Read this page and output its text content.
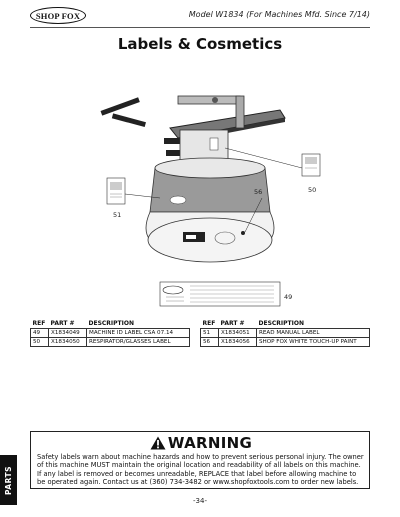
SHOP FOX	Model W1834 (For Machines Mfd. Since 7/14)
Labels & Cosmetics
56	50
51
49
REF	PART #	DESCRIPTION
49	X1834049	MACHINE ID LABEL CSA 07.14
50	X1834050	RESPIRATOR/GLASSES LABEL
REF	PART #	DESCRIPTION
51	X1834051	READ MANUAL LABEL
56	X1834056	SHOP FOX WHITE TOUCH-UP PAINT
WARNING
Safety labels warn about machine hazards and how to prevent serious personal injury. The owner of this machine MUST maintain the original location and readability of all labels on this machine. If any label is removed or becomes unreadable, REPLACE that label before allowing machine to be operated again. Contact us at (360) 734-3482 or www.shopfoxtools.com to order new labels.
PARTS
-34-
